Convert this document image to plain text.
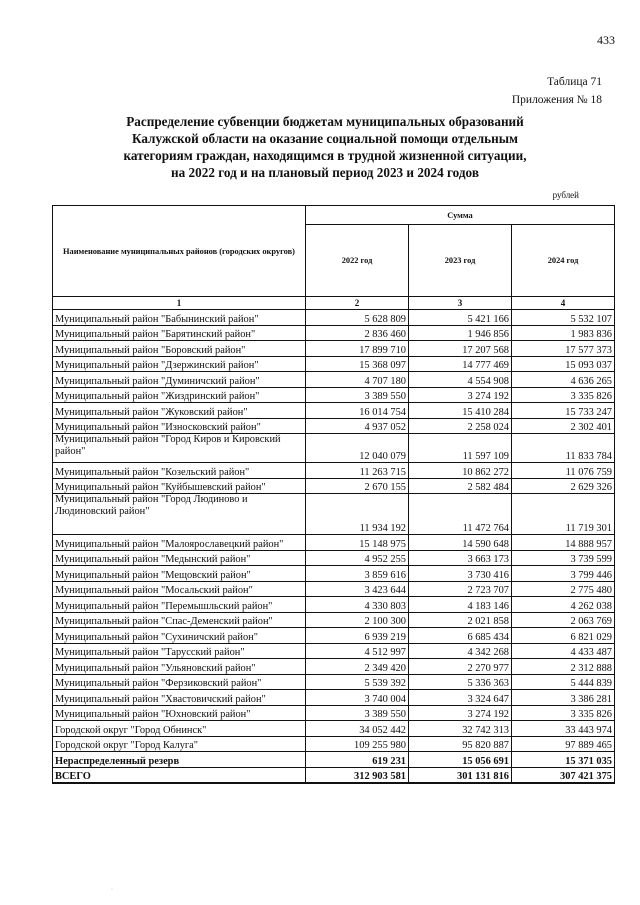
433
Таблица 71
Приложения № 18
Распределение субвенции бюджетам муниципальных образований
Калужской области на оказание социальной помощи отдельным
категориям граждан, находящимся в трудной жизненной ситуации,
на 2022 год и на плановый период 2023 и 2024 годов
рублей
Наименование муниципальных районов (городских округов)	Сумма		
	2022 год	2023 год	2024 год
1	2	3	4
Муниципальный район "Бабынинский район"	5 628 809	5 421 166	5 532 107
Муниципальный район "Барятинский район"	2 836 460	1 946 856	1 983 836
Муниципальный район "Боровский район"	17 899 710	17 207 568	17 577 373
Муниципальный район "Дзержинский район"	15 368 097	14 777 469	15 093 037
Муниципальный район "Думиничский район"	4 707 180	4 554 908	4 636 265
Муниципальный район "Жиздринский район"	3 389 550	3 274 192	3 335 826
Муниципальный район "Жуковский район"	16 014 754	15 410 284	15 733 247
Муниципальный район "Износковский район"	4 937 052	2 258 024	2 302 401
Муниципальный район "Город Киров и Кировский район"	12 040 079	11 597 109	11 833 784
Муниципальный район "Козельский район"	11 263 715	10 862 272	11 076 759
Муниципальный район "Куйбышевский район"	2 670 155	2 582 484	2 629 326
Муниципальный район "Город Людиново и Людиновский район"	11 934 192	11 472 764	11 719 301
Муниципальный район "Малоярославецкий район"	15 148 975	14 590 648	14 888 957
Муниципальный район "Медынский район"	4 952 255	3 663 173	3 739 599
Муниципальный район "Мещовский район"	3 859 616	3 730 416	3 799 446
Муниципальный район "Мосальский район"	3 423 644	2 723 707	2 775 480
Муниципальный район "Перемышльский район"	4 330 803	4 183 146	4 262 038
Муниципальный район "Спас-Деменский район"	2 100 300	2 021 858	2 063 769
Муниципальный район "Сухиничский район"	6 939 219	6 685 434	6 821 029
Муниципальный район "Тарусский район"	4 512 997	4 342 268	4 433 487
Муниципальный район "Ульяновский район"	2 349 420	2 270 977	2 312 888
Муниципальный район "Ферзиковский район"	5 539 392	5 336 363	5 444 839
Муниципальный район "Хвастовичский район"	3 740 004	3 324 647	3 386 281
Муниципальный район "Юхновский район"	3 389 550	3 274 192	3 335 826
Городской округ "Город Обнинск"	34 052 442	32 742 313	33 443 974
Городской округ "Город Калуга"	109 255 980	95 820 887	97 889 465
Нераспределенный резерв	619 231	15 056 691	15 371 035
ВСЕГО	312 903 581	301 131 816	307 421 375
·
